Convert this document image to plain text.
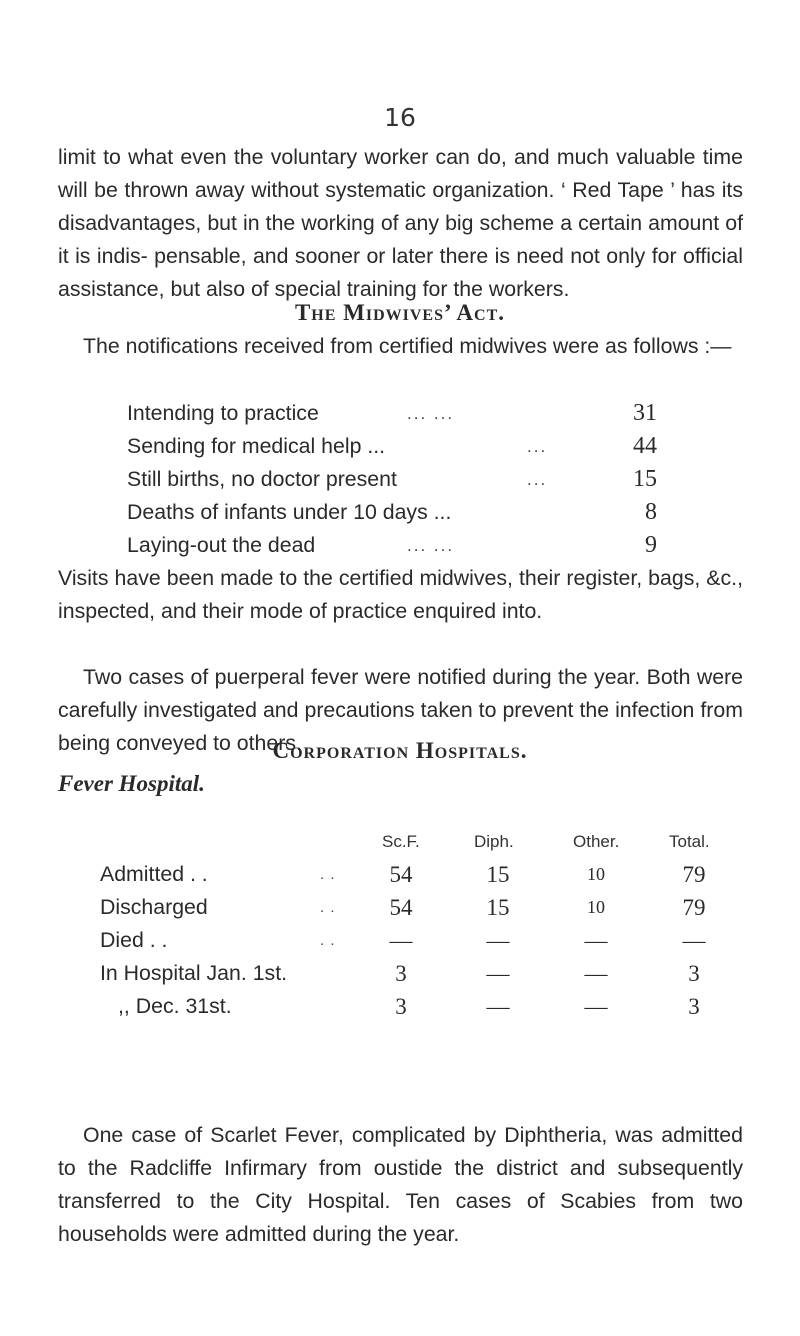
16

limit to what even the voluntary worker can do, and much valuable time will be thrown away without systematic organization. ‘ Red Tape ’ has its disadvantages, but in the working of any big scheme a certain amount of it is indis- pensable, and sooner or later there is need not only for official assistance, but also of special training for the workers.

The Midwives’ Act.

The notifications received from certified midwives were as follows :—

Intending to practice	... ...	31
Sending for medical help ...	...	44
Still births, no doctor present	...	15
Deaths of infants under 10 days ...	8
Laying-out the dead	... ...	9

Visits have been made to the certified midwives, their register, bags, &c., inspected, and their mode of practice enquired into.

Two cases of puerperal fever were notified during the year. Both were carefully investigated and precautions taken to prevent the infection from being conveyed to others.

Corporation Hospitals.
Fever Hospital.
Sc.F.	Diph.	Other.	Total.
Admitted . .	. .	54	15	10	79
Discharged	. .	54	15	10	79
Died . .	. .	—	—	—	—
In Hospital Jan. 1st.	3	—	—	3
,, Dec. 31st.	3	—	—	3

One case of Scarlet Fever, complicated by Diphtheria, was admitted to the Radcliffe Infirmary from oustide the district and subsequently transferred to the City Hospital. Ten cases of Scabies from two households were admitted during the year.
